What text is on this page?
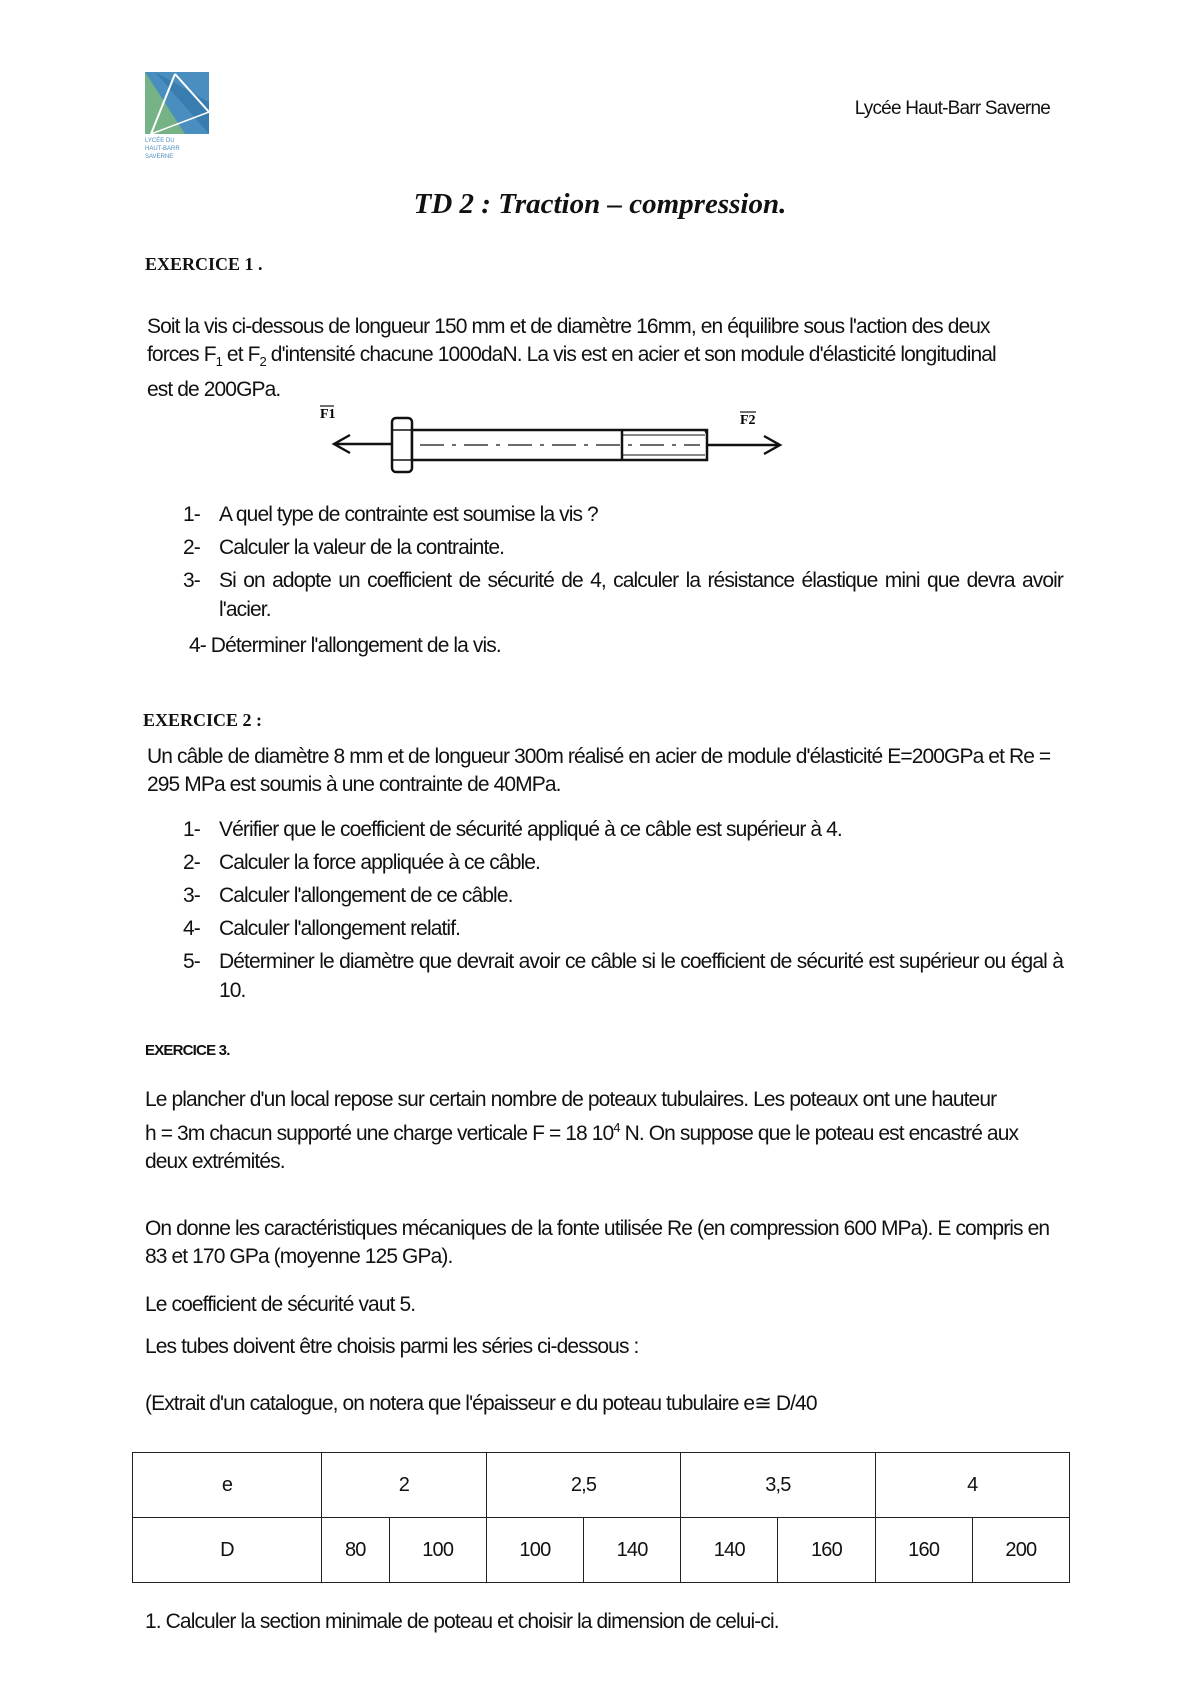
LYCÉE DU
HAUT-BARR
SAVERNE
Lycée Haut-Barr Saverne
TD 2 : Traction – compression.
EXERCICE 1 .
Soit la vis ci-dessous de longueur 150 mm et de diamètre 16mm, en équilibre sous l'action des deux
forces $F_1$ et $F_2$ d'intensité chacune 1000daN. La vis est en acier et son module d'élasticité longitudinal
est de 200GPa.
F1	F2
1- A quel type de contrainte est soumise la vis ?
2- Calculer la valeur de la contrainte.
3- Si on adopte un coefficient de sécurité de 4, calculer la résistance élastique mini que devra avoir l'acier.
4- Déterminer l'allongement de la vis.
EXERCICE 2 :
Un câble de diamètre 8 mm et de longueur 300m réalisé en acier de module d'élasticité E=200GPa et Re = 295 MPa est soumis à une contrainte de 40MPa.
1- Vérifier que le coefficient de sécurité appliqué à ce câble est supérieur à 4.
2- Calculer la force appliquée à ce câble.
3- Calculer l'allongement de ce câble.
4- Calculer l'allongement relatif.
5- Déterminer le diamètre que devrait avoir ce câble si le coefficient de sécurité est supérieur ou égal à 10.
EXERCICE 3.
Le plancher d'un local repose sur certain nombre de poteaux tubulaires. Les poteaux ont une hauteur
h = 3m chacun supporté une charge verticale F = 18 $10^4$ N. On suppose que le poteau est encastré aux
deux extrémités.
On donne les caractéristiques mécaniques de la fonte utilisée Re (en compression 600 MPa). E compris en 83 et 170 GPa (moyenne 125 GPa).
Le coefficient de sécurité vaut 5.
Les tubes doivent être choisis parmi les séries ci-dessous :
(Extrait d'un catalogue, on notera que l'épaisseur e du poteau tubulaire e≅ D/40
e	2		2,5		3,5		4	
D	80	100	100	140	140	160	160	200
1. Calculer la section minimale de poteau et choisir la dimension de celui-ci.
